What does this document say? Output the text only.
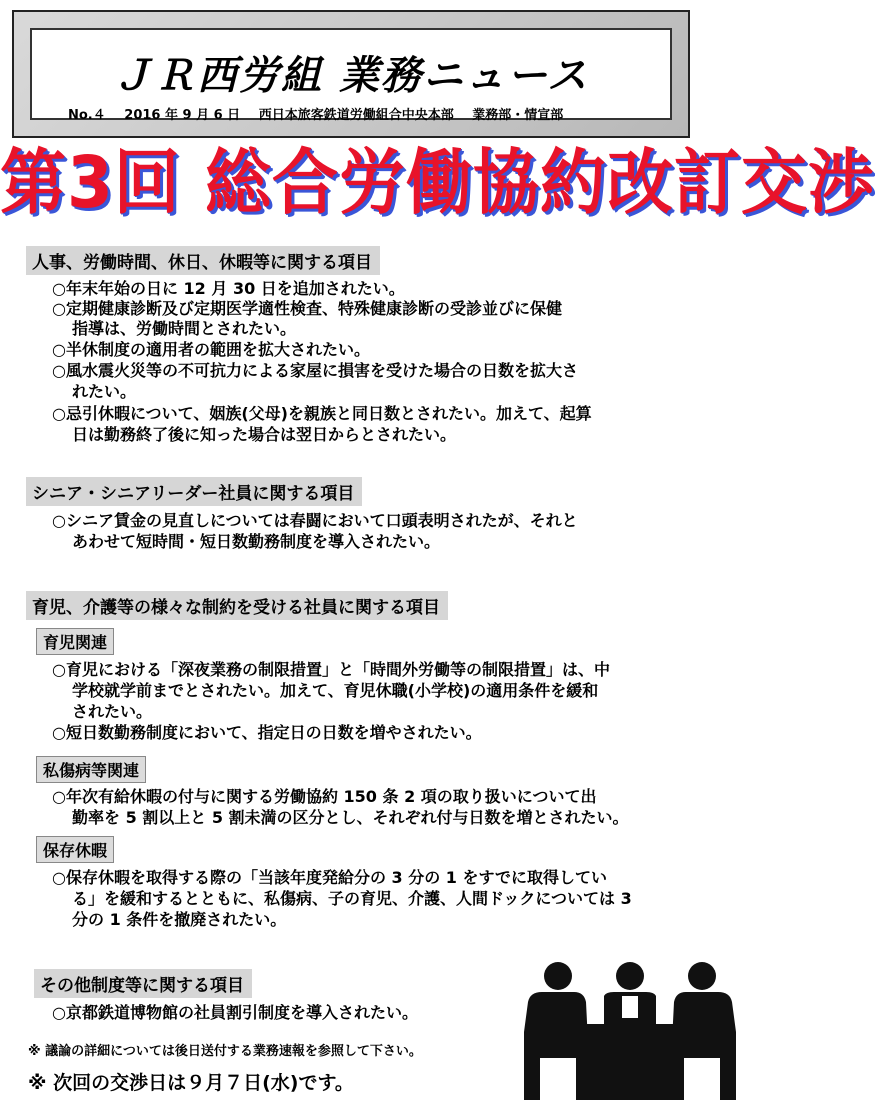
ＪＲ西労組 業務ニュース
No.４ 2016 年 9 月 6 日 西日本旅客鉄道労働組合中央本部 業務部・情宣部
第3回 総合労働協約改訂交渉
人事、労働時間、休日、休暇等に関する項目
○年末年始の日に 12 月 30 日を追加されたい。
○定期健康診断及び定期医学適性検査、特殊健康診断の受診並びに保健
指導は、労働時間とされたい。
○半休制度の適用者の範囲を拡大されたい。
○風水震火災等の不可抗力による家屋に損害を受けた場合の日数を拡大さ
れたい。
○忌引休暇について、姻族(父母)を親族と同日数とされたい。加えて、起算
日は勤務終了後に知った場合は翌日からとされたい。
シニア・シニアリーダー社員に関する項目
○シニア賃金の見直しについては春闘において口頭表明されたが、それと
あわせて短時間・短日数勤務制度を導入されたい。
育児、介護等の様々な制約を受ける社員に関する項目
育児関連
○育児における「深夜業務の制限措置」と「時間外労働等の制限措置」は、中
学校就学前までとされたい。加えて、育児休職(小学校)の適用条件を緩和
されたい。
○短日数勤務制度において、指定日の日数を増やされたい。
私傷病等関連
○年次有給休暇の付与に関する労働協約 150 条 2 項の取り扱いについて出
勤率を 5 割以上と 5 割未満の区分とし、それぞれ付与日数を増とされたい。
保存休暇
○保存休暇を取得する際の「当該年度発給分の 3 分の 1 をすでに取得してい
る」を緩和するとともに、私傷病、子の育児、介護、人間ドックについては 3
分の 1 条件を撤廃されたい。
その他制度等に関する項目
○京都鉄道博物館の社員割引制度を導入されたい。
※ 議論の詳細については後日送付する業務速報を参照して下さい。
※ 次回の交渉日は９月７日(水)です。
